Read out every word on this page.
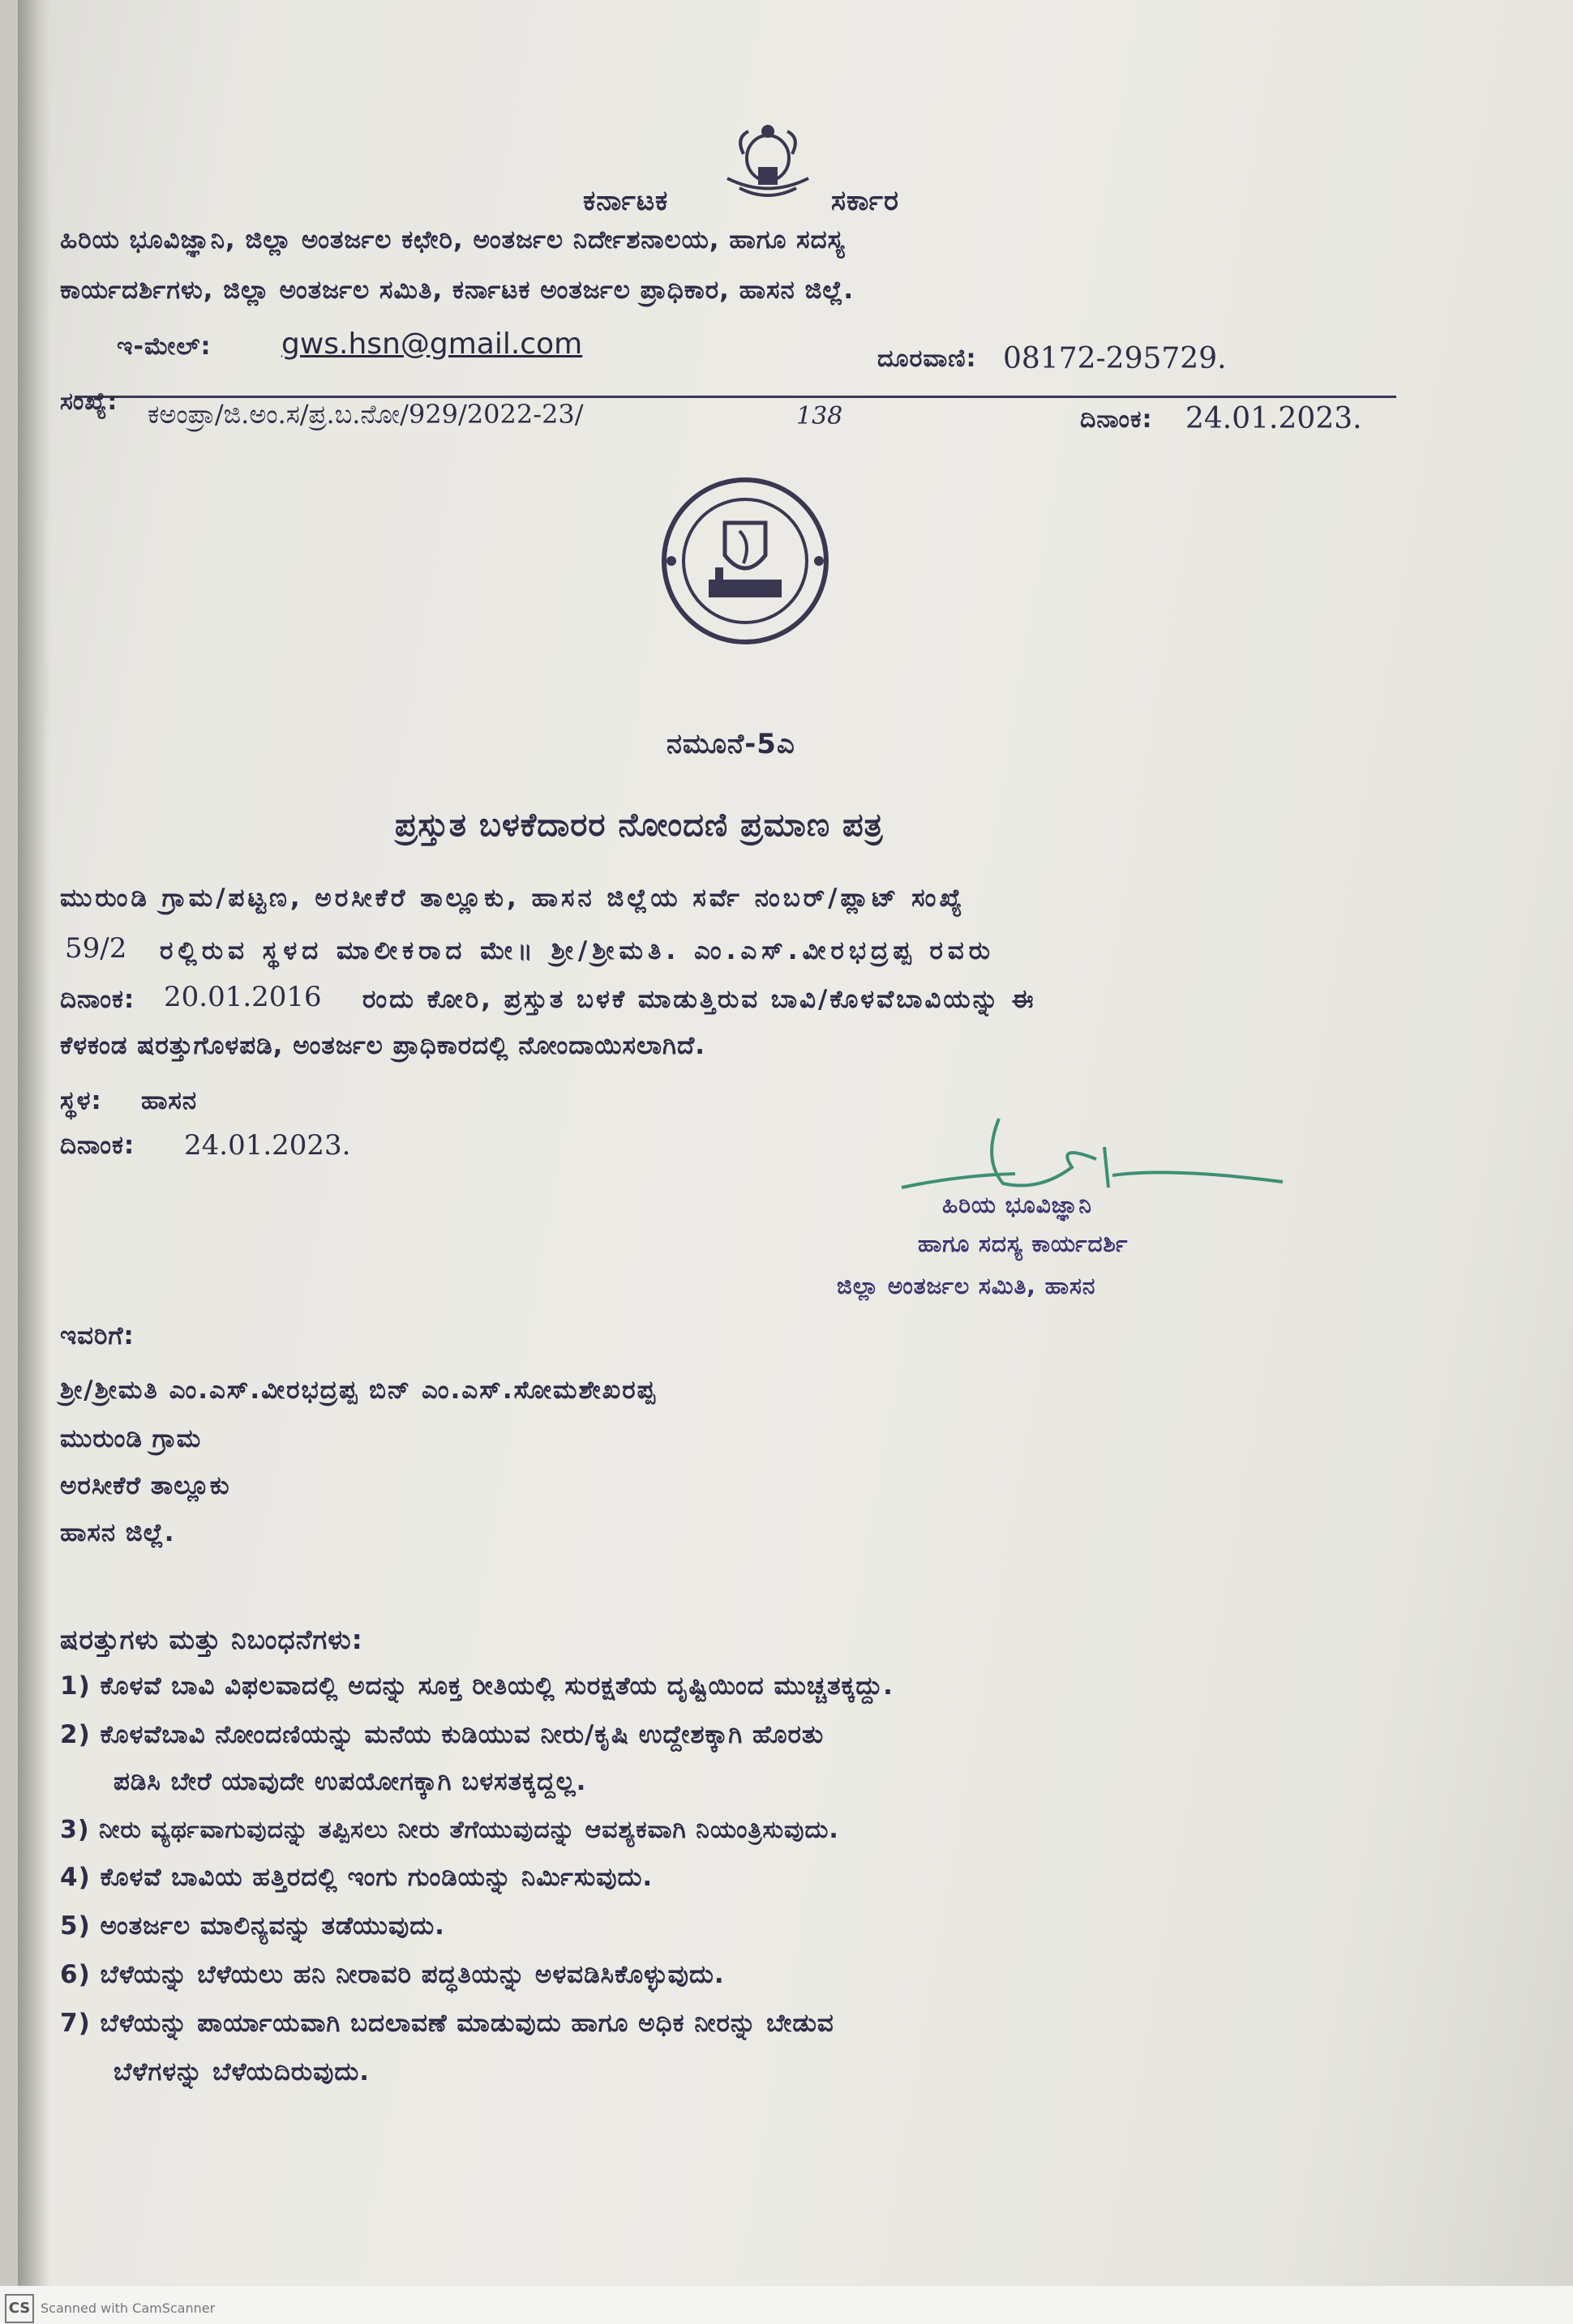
ಕರ್ನಾಟಕ	ಸರ್ಕಾರ
ಹಿರಿಯ ಭೂವಿಜ್ಞಾನಿ, ಜಿಲ್ಲಾ ಅಂತರ್ಜಲ ಕಛೇರಿ, ಅಂತರ್ಜಲ ನಿರ್ದೇಶನಾಲಯ, ಹಾಗೂ ಸದಸ್ಯ
ಕಾರ್ಯದರ್ಶಿಗಳು, ಜಿಲ್ಲಾ ಅಂತರ್ಜಲ ಸಮಿತಿ, ಕರ್ನಾಟಕ ಅಂತರ್ಜಲ ಪ್ರಾಧಿಕಾರ, ಹಾಸನ ಜಿಲ್ಲೆ.
ಇ-ಮೇಲ್: gws.hsn@gmail.com	ದೂರವಾಣಿ: 08172-295729.
ಸಂಖ್ಯೆ: ಕಅಂಪ್ರಾ/ಜಿ.ಅಂ.ಸ/ಪ್ರ.ಬ.ನೋ/929/2022-23/	138	ದಿನಾಂಕ: 24.01.2023.
ನಮೂನೆ-5ಎ
ಪ್ರಸ್ತುತ ಬಳಕೆದಾರರ ನೋಂದಣಿ ಪ್ರಮಾಣ ಪತ್ರ
ಮುರುಂಡಿ ಗ್ರಾಮ/ಪಟ್ಟಣ, ಅರಸೀಕೆರೆ ತಾಲ್ಲೂಕು, ಹಾಸನ ಜಿಲ್ಲೆಯ ಸರ್ವೆ ನಂಬರ್/ಪ್ಲಾಟ್ ಸಂಖ್ಯೆ
59/2 ರಲ್ಲಿರುವ ಸ್ಥಳದ ಮಾಲೀಕರಾದ ಮೇ॥ ಶ್ರೀ/ಶ್ರೀಮತಿ. ಎಂ.ಎಸ್.ವೀರಭದ್ರಪ್ಪ ರವರು
ದಿನಾಂಕ: 20.01.2016 ರಂದು ಕೋರಿ, ಪ್ರಸ್ತುತ ಬಳಕೆ ಮಾಡುತ್ತಿರುವ ಬಾವಿ/ಕೊಳವೆಬಾವಿಯನ್ನು ಈ
ಕೆಳಕಂಡ ಷರತ್ತುಗೊಳಪಡಿ, ಅಂತರ್ಜಲ ಪ್ರಾಧಿಕಾರದಲ್ಲಿ ನೋಂದಾಯಿಸಲಾಗಿದೆ.
ಸ್ಥಳ: ಹಾಸನ
ದಿನಾಂಕ: 24.01.2023.
ಹಿರಿಯ ಭೂವಿಜ್ಞಾನಿ
ಹಾಗೂ ಸದಸ್ಯ ಕಾರ್ಯದರ್ಶಿ
ಜಿಲ್ಲಾ ಅಂತರ್ಜಲ ಸಮಿತಿ, ಹಾಸನ
ಇವರಿಗೆ:
ಶ್ರೀ/ಶ್ರೀಮತಿ ಎಂ.ಎಸ್.ವೀರಭದ್ರಪ್ಪ ಬಿನ್ ಎಂ.ಎಸ್.ಸೋಮಶೇಖರಪ್ಪ
ಮುರುಂಡಿ ಗ್ರಾಮ
ಅರಸೀಕೆರೆ ತಾಲ್ಲೂಕು
ಹಾಸನ ಜಿಲ್ಲೆ.
ಷರತ್ತುಗಳು ಮತ್ತು ನಿಬಂಧನೆಗಳು:
1) ಕೊಳವೆ ಬಾವಿ ವಿಫಲವಾದಲ್ಲಿ ಅದನ್ನು ಸೂಕ್ತ ರೀತಿಯಲ್ಲಿ ಸುರಕ್ಷತೆಯ ದೃಷ್ಟಿಯಿಂದ ಮುಚ್ಚತಕ್ಕದ್ದು.
2) ಕೊಳವೆಬಾವಿ ನೋಂದಣಿಯನ್ನು ಮನೆಯ ಕುಡಿಯುವ ನೀರು/ಕೃಷಿ ಉದ್ದೇಶಕ್ಕಾಗಿ ಹೊರತು
ಪಡಿಸಿ ಬೇರೆ ಯಾವುದೇ ಉಪಯೋಗಕ್ಕಾಗಿ ಬಳಸತಕ್ಕದ್ದಲ್ಲ.
3) ನೀರು ವ್ಯರ್ಥವಾಗುವುದನ್ನು ತಪ್ಪಿಸಲು ನೀರು ತೆಗೆಯುವುದನ್ನು ಆವಶ್ಯಕವಾಗಿ ನಿಯಂತ್ರಿಸುವುದು.
4) ಕೊಳವೆ ಬಾವಿಯ ಹತ್ತಿರದಲ್ಲಿ ಇಂಗು ಗುಂಡಿಯನ್ನು ನಿರ್ಮಿಸುವುದು.
5) ಅಂತರ್ಜಲ ಮಾಲಿನ್ಯವನ್ನು ತಡೆಯುವುದು.
6) ಬೆಳೆಯನ್ನು ಬೆಳೆಯಲು ಹನಿ ನೀರಾವರಿ ಪದ್ಧತಿಯನ್ನು ಅಳವಡಿಸಿಕೊಳ್ಳುವುದು.
7) ಬೆಳೆಯನ್ನು ಪಾರ್ಯಾಯವಾಗಿ ಬದಲಾವಣೆ ಮಾಡುವುದು ಹಾಗೂ ಅಧಿಕ ನೀರನ್ನು ಬೇಡುವ
ಬೆಳೆಗಳನ್ನು ಬೆಳೆಯದಿರುವುದು.
CS Scanned with CamScanner
